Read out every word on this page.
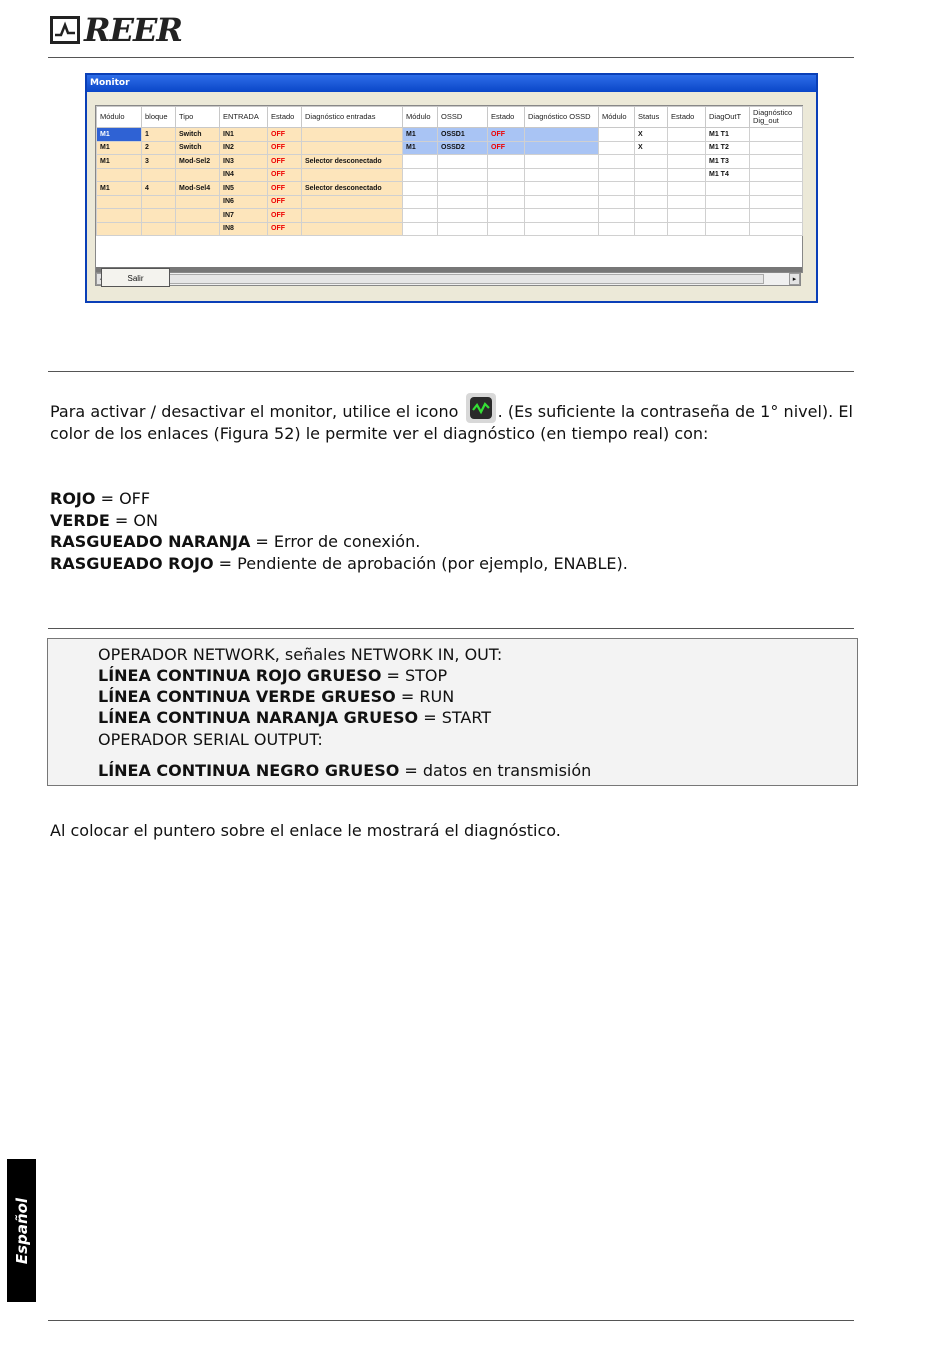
REER
Monitor
Módulo	bloque	Tipo	ENTRADA	Estado	Diagnóstico entradas	Módulo	OSSD	Estado	Diagnóstico OSSD	Módulo	Status	Estado	DiagOutT	Diagnóstico Dig_out
M1	1	Switch	IN1	OFF		M1	OSSD1	OFF			X		M1 T1	
M1	2	Switch	IN2	OFF		M1	OSSD2	OFF			X		M1 T2	
M1	3	Mod-Sel2	IN3	OFF	Selector desconectado								M1 T3	
			IN4	OFF									M1 T4	
M1	4	Mod-Sel4	IN5	OFF	Selector desconectado									
			IN6	OFF										
			IN7	OFF										
			IN8	OFF										
▸
Salir
Para activar / desactivar el monitor, utilice el icono . (Es suficiente la contraseña de 1° nivel). El color de los enlaces (Figura 52) le permite ver el diagnóstico (en tiempo real) con:
ROJO = OFF
VERDE = ON
RASGUEADO NARANJA = Error de conexión.
RASGUEADO ROJO = Pendiente de aprobación (por ejemplo, ENABLE).
OPERADOR NETWORK, señales NETWORK IN, OUT:
LÍNEA CONTINUA ROJO GRUESO = STOP
LÍNEA CONTINUA VERDE GRUESO = RUN
LÍNEA CONTINUA NARANJA GRUESO = START
OPERADOR SERIAL OUTPUT:
LÍNEA CONTINUA NEGRO GRUESO = datos en transmisión
Al colocar el puntero sobre el enlace le mostrará el diagnóstico.
Español
